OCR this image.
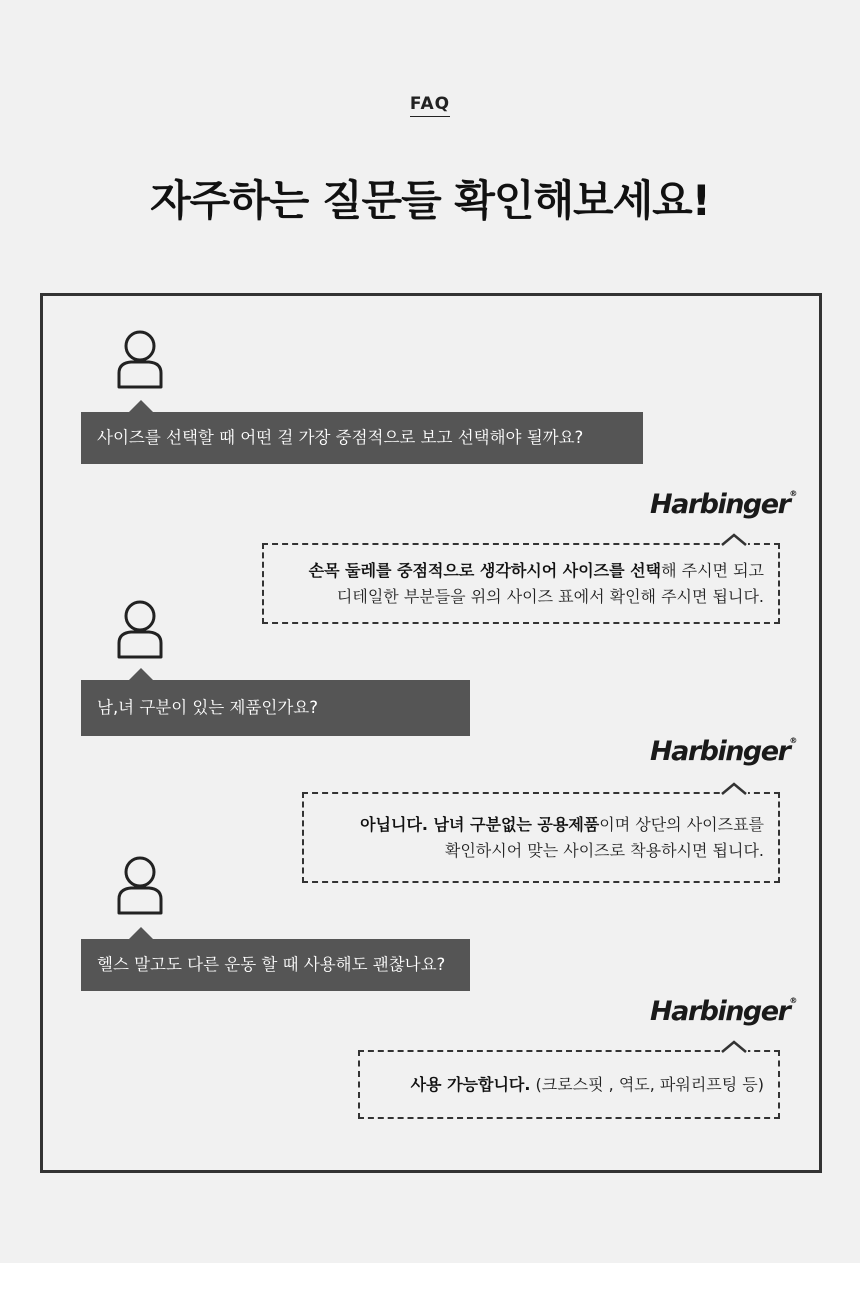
FAQ
자주하는 질문들 확인해보세요!
사이즈를 선택할 때 어떤 걸 가장 중점적으로 보고 선택해야 될까요?
Harbinger®
손목 둘레를 중점적으로 생각하시어 사이즈를 선택해 주시면 되고
디테일한 부분들을 위의 사이즈 표에서 확인해 주시면 됩니다.
남,녀 구분이 있는 제품인가요?
Harbinger®
아닙니다. 남녀 구분없는 공용제품이며 상단의 사이즈표를
확인하시어 맞는 사이즈로 착용하시면 됩니다.
헬스 말고도 다른 운동 할 때 사용해도 괜찮나요?
Harbinger®
사용 가능합니다. (크로스핏 , 역도, 파워리프팅 등)
